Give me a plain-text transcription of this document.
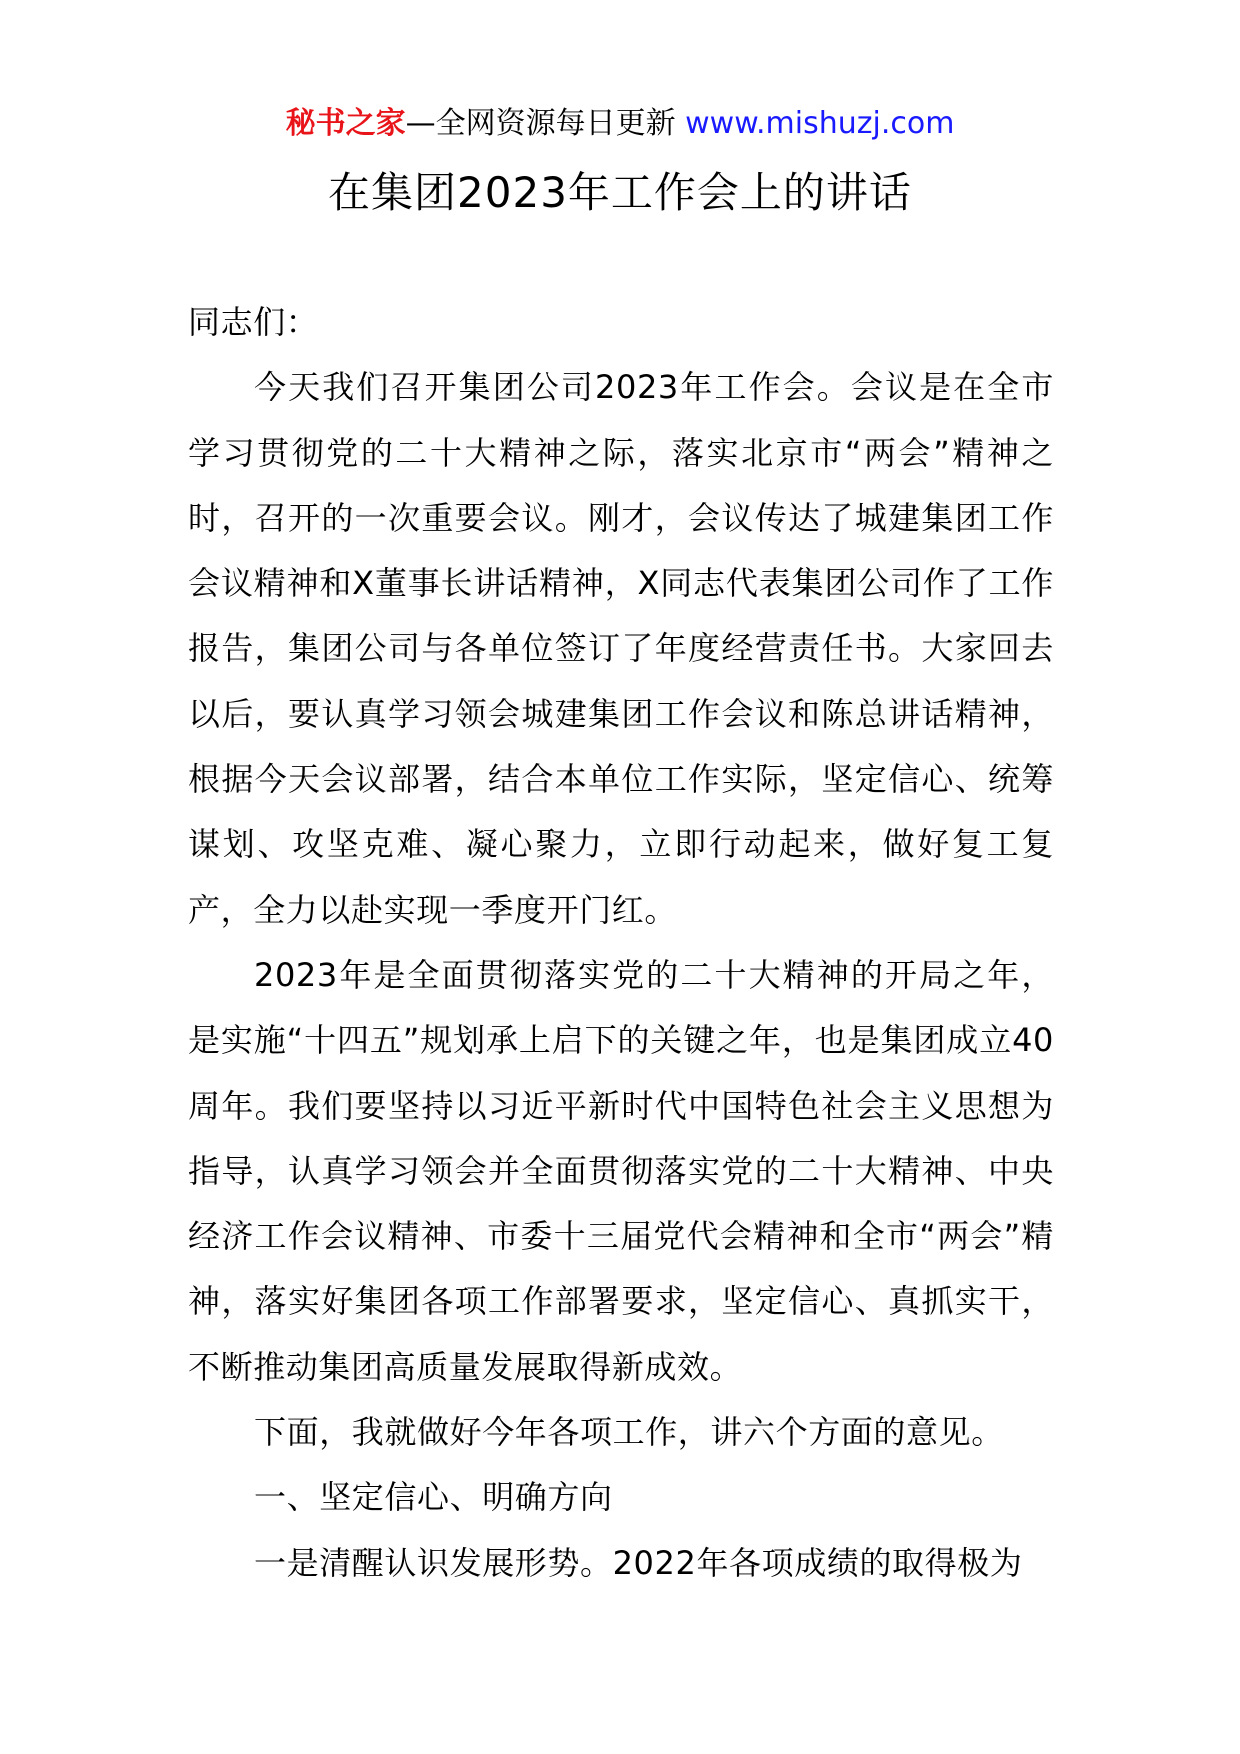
秘书之家—全网资源每日更新 www.mishuzj.com
在集团2023年工作会上的讲话

同志们：

今天我们召开集团公司2023年工作会。会议是在全市学习贯彻党的二十大精神之际，落实北京市“两会”精神之时，召开的一次重要会议。刚才，会议传达了城建集团工作会议精神和X董事长讲话精神，X同志代表集团公司作了工作报告，集团公司与各单位签订了年度经营责任书。大家回去以后，要认真学习领会城建集团工作会议和陈总讲话精神，根据今天会议部署，结合本单位工作实际，坚定信心、统筹谋划、攻坚克难、凝心聚力，立即行动起来，做好复工复产，全力以赴实现一季度开门红。

2023年是全面贯彻落实党的二十大精神的开局之年，是实施“十四五”规划承上启下的关键之年，也是集团成立40周年。我们要坚持以习近平新时代中国特色社会主义思想为指导，认真学习领会并全面贯彻落实党的二十大精神、中央经济工作会议精神、市委十三届党代会精神和全市“两会”精神，落实好集团各项工作部署要求，坚定信心、真抓实干，不断推动集团高质量发展取得新成效。

下面，我就做好今年各项工作，讲六个方面的意见。

一、坚定信心、明确方向

一是清醒认识发展形势。2022年各项成绩的取得极为
